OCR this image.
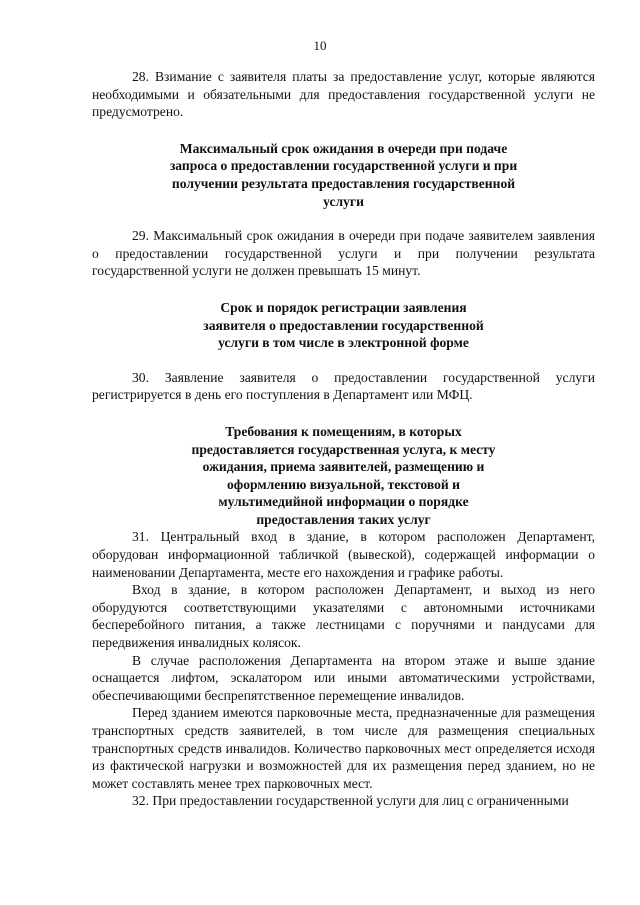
10

28. Взимание с заявителя платы за предоставление услуг, которые являются необходимыми и обязательными для предоставления государственной услуги не предусмотрено.

Максимальный срок ожидания в очереди при подаче запроса о предоставлении государственной услуги и при получении результата предоставления государственной услуги

29. Максимальный срок ожидания в очереди при подаче заявителем заявления о предоставлении государственной услуги и при получении результата государственной услуги не должен превышать 15 минут.

Срок и порядок регистрации заявления заявителя о предоставлении государственной услуги в том числе в электронной форме

30. Заявление заявителя о предоставлении государственной услуги регистрируется в день его поступления в Департамент или МФЦ.

Требования к помещениям, в которых предоставляется государственная услуга, к месту ожидания, приема заявителей, размещению и оформлению визуальной, текстовой и мультимедийной информации о порядке предоставления таких услуг

31. Центральный вход в здание, в котором расположен Департамент, оборудован информационной табличкой (вывеской), содержащей информации о наименовании Департамента, месте его нахождения и графике работы.

Вход в здание, в котором расположен Департамент, и выход из него оборудуются соответствующими указателями с автономными источниками бесперебойного питания, а также лестницами с поручнями и пандусами для передвижения инвалидных колясок.

В случае расположения Департамента на втором этаже и выше здание оснащается лифтом, эскалатором или иными автоматическими устройствами, обеспечивающими беспрепятственное перемещение инвалидов.

Перед зданием имеются парковочные места, предназначенные для размещения транспортных средств заявителей, в том числе для размещения специальных транспортных средств инвалидов. Количество парковочных мест определяется исходя из фактической нагрузки и возможностей для их размещения перед зданием, но не может составлять менее трех парковочных мест.

32. При предоставлении государственной услуги для лиц с ограниченными
